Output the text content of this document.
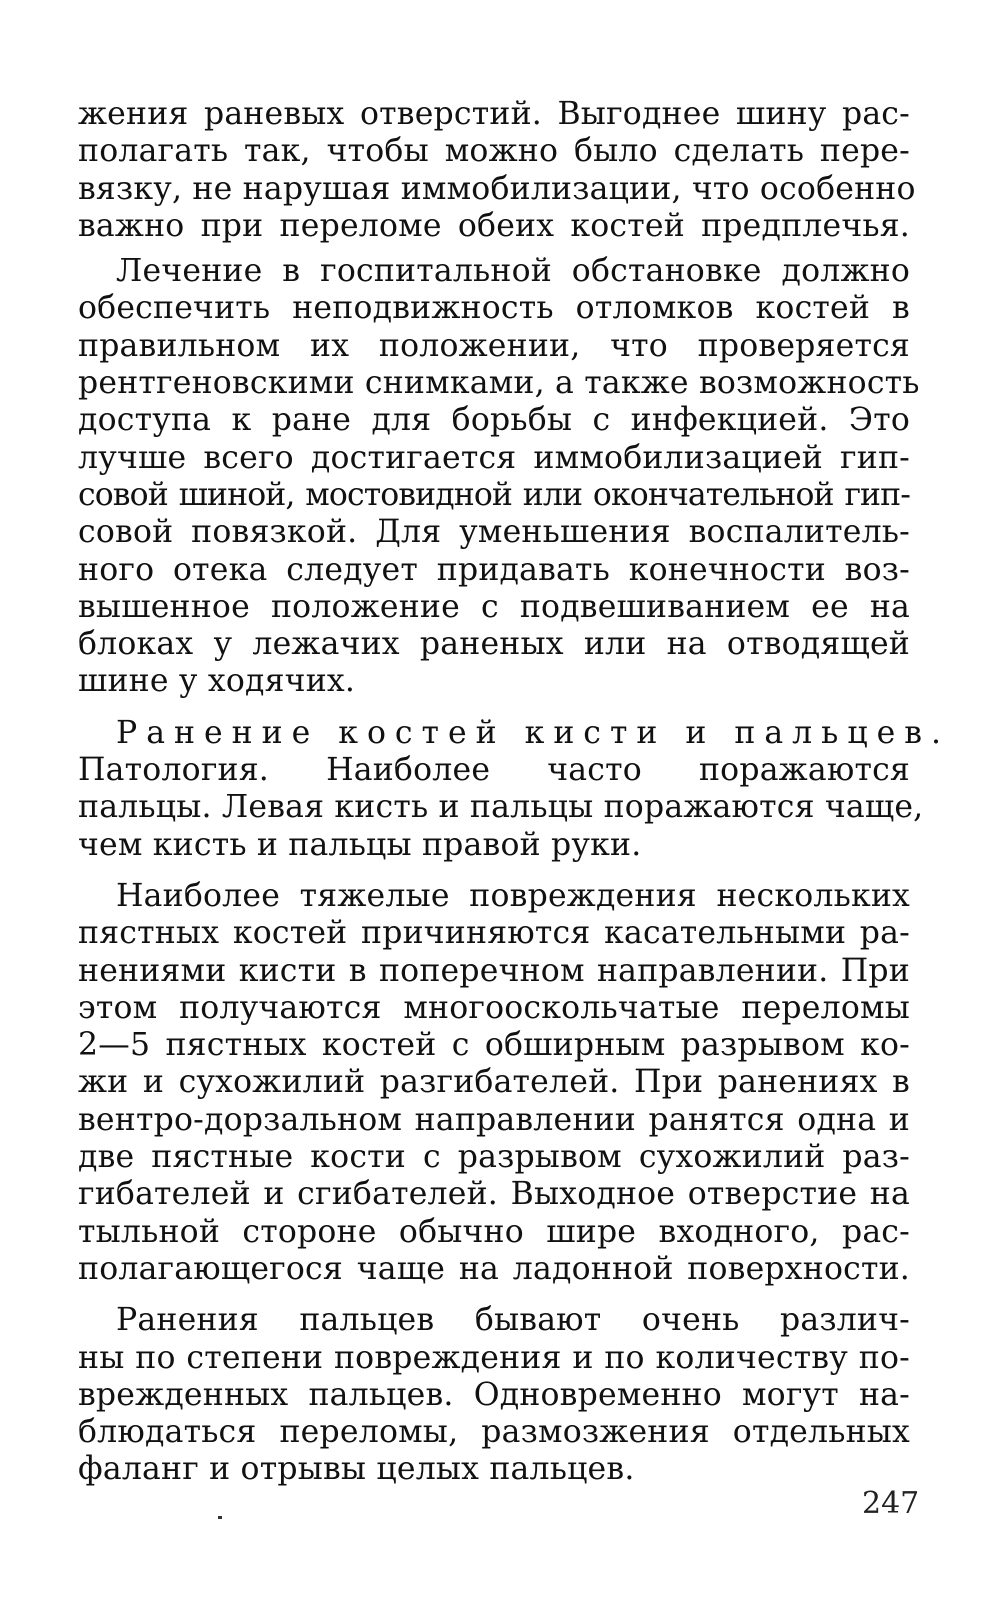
жения раневых отверстий. Выгоднее шину рас-
полагать так, чтобы можно было сделать пере-
вязку, не нарушая иммобилизации, что особенно
важно при переломе обеих костей предплечья.

Лечение в госпитальной обстановке должно
обеспечить неподвижность отломков костей в
правильном их положении, что проверяется
рентгеновскими снимками, а также возможность
доступа к ране для борьбы с инфекцией. Это
лучше всего достигается иммобилизацией гип-
совой шиной, мостовидной или окончательной гип-
совой повязкой. Для уменьшения воспалитель-
ного отека следует придавать конечности воз-
вышенное положение с подвешиванием ее на
блоках у лежачих раненых или на отводящей
шине у ходячих.

Ранение костей кисти и пальцев.
Патология. Наиболее часто поражаются
пальцы. Левая кисть и пальцы поражаются чаще,
чем кисть и пальцы правой руки.

Наиболее тяжелые повреждения нескольких
пястных костей причиняются касательными ра-
нениями кисти в поперечном направлении. При
этом получаются многооскольчатые переломы
2—5 пястных костей с обширным разрывом ко-
жи и сухожилий разгибателей. При ранениях в
вентро-дорзальном направлении ранятся одна и
две пястные кости с разрывом сухожилий раз-
гибателей и сгибателей. Выходное отверстие на
тыльной стороне обычно шире входного, рас-
полагающегося чаще на ладонной поверхности.

Ранения пальцев бывают очень различ-
ны по степени повреждения и по количеству по-
врежденных пальцев. Одновременно могут на-
блюдаться переломы, размозжения отдельных
фаланг и отрывы целых пальцев.

247
